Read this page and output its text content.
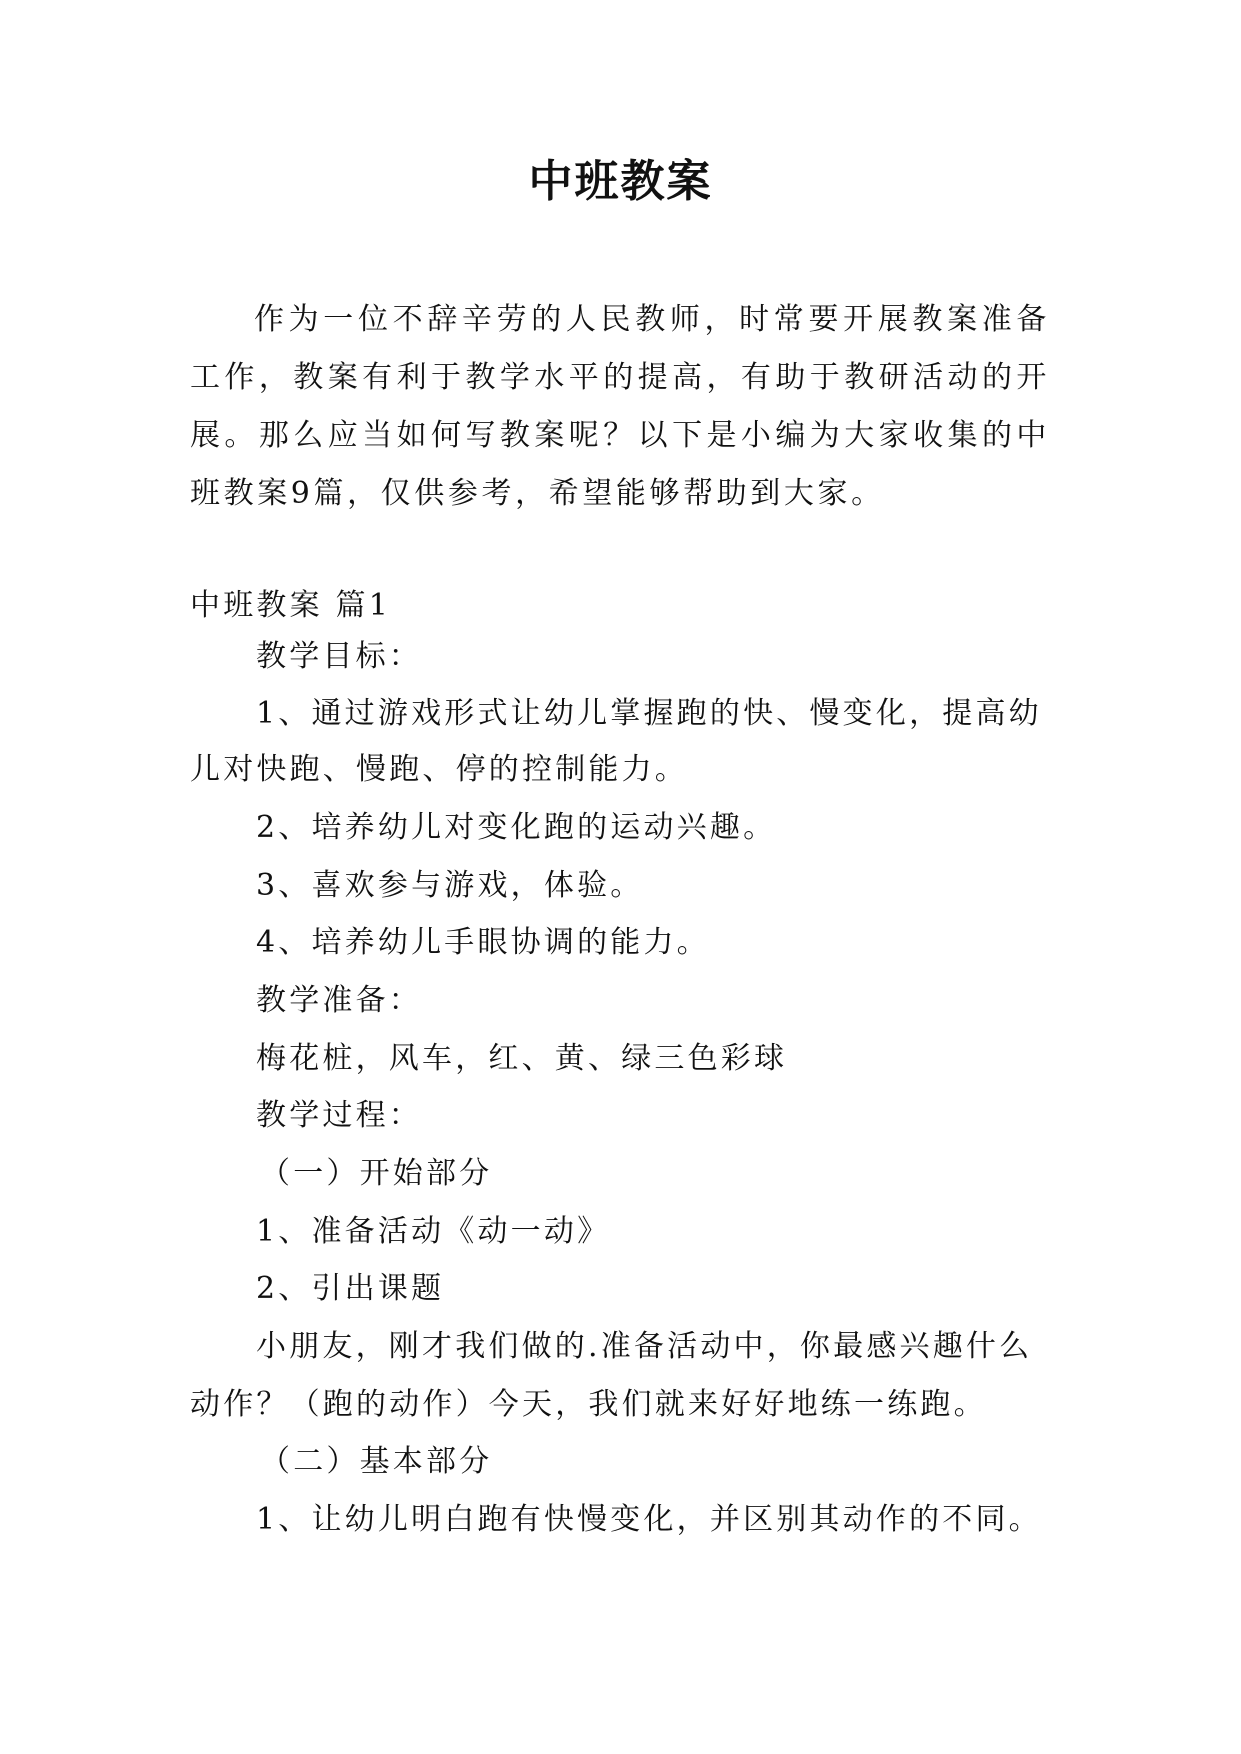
中班教案

作为一位不辞辛劳的人民教师，时常要开展教案准备工作，教案有利于教学水平的提高，有助于教研活动的开展。那么应当如何写教案呢？以下是小编为大家收集的中班教案9篇，仅供参考，希望能够帮助到大家。

中班教案 篇1

教学目标：

1、通过游戏形式让幼儿掌握跑的快、慢变化，提高幼

儿对快跑、慢跑、停的控制能力。

2、培养幼儿对变化跑的运动兴趣。

3、喜欢参与游戏，体验。

4、培养幼儿手眼协调的能力。

教学准备：

梅花桩，风车，红、黄、绿三色彩球

教学过程：

（一）开始部分

1、准备活动《动一动》

2、引出课题

小朋友，刚才我们做的.准备活动中，你最感兴趣什么

动作？（跑的动作）今天，我们就来好好地练一练跑。

（二）基本部分

1、让幼儿明白跑有快慢变化，并区别其动作的不同。
